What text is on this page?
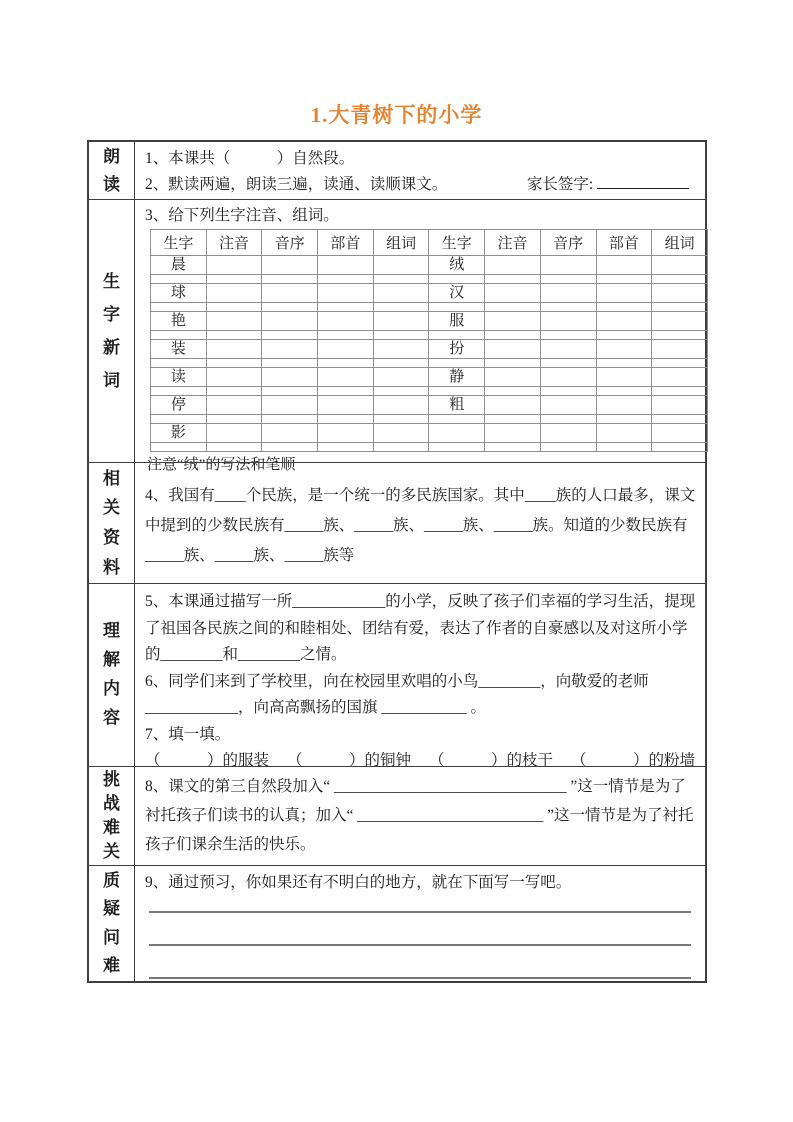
1.大青树下的小学
朗读
1、本课共（　　　）自然段。
2、默读两遍，朗读三遍，读通、读顺课文。	家长签字:
生字新词
3、给下列生字注音、组词。
生字	注音	音序	部首	组词	生字	注音	音序	部首	组词
晨					绒				

球					汉				

艳					服				

装					扮				

读					静				

停					粗				

影									

注意“绒”的写法和笔顺
相关资料
4、我国有____个民族，是一个统一的多民族国家。其中____族的人口最多，课文中提到的少数民族有_____族、_____族、_____族、_____族。知道的少数民族有_____族、_____族、_____族等
理解内容
5、本课通过描写一所____________的小学，反映了孩子们幸福的学习生活，提现了祖国各民族之间的和睦相处、团结有爱，表达了作者的自豪感以及对这所小学的________和________之情。
6、同学们来到了学校里，向在校园里欢唱的小鸟________，向敬爱的老师____________，向高高飘扬的国旗 ___________ 。
7、填一填。
（　　　）的服装 （　　　）的铜钟 （　　　）的枝干 （　　　）的粉墙
挑战难关
8、课文的第三自然段加入“ ______________________________ ”这一情节是为了衬托孩子们读书的认真；加入“ ________________________ ”这一情节是为了衬托孩子们课余生活的快乐。
质疑问难
9、通过预习，你如果还有不明白的地方，就在下面写一写吧。
